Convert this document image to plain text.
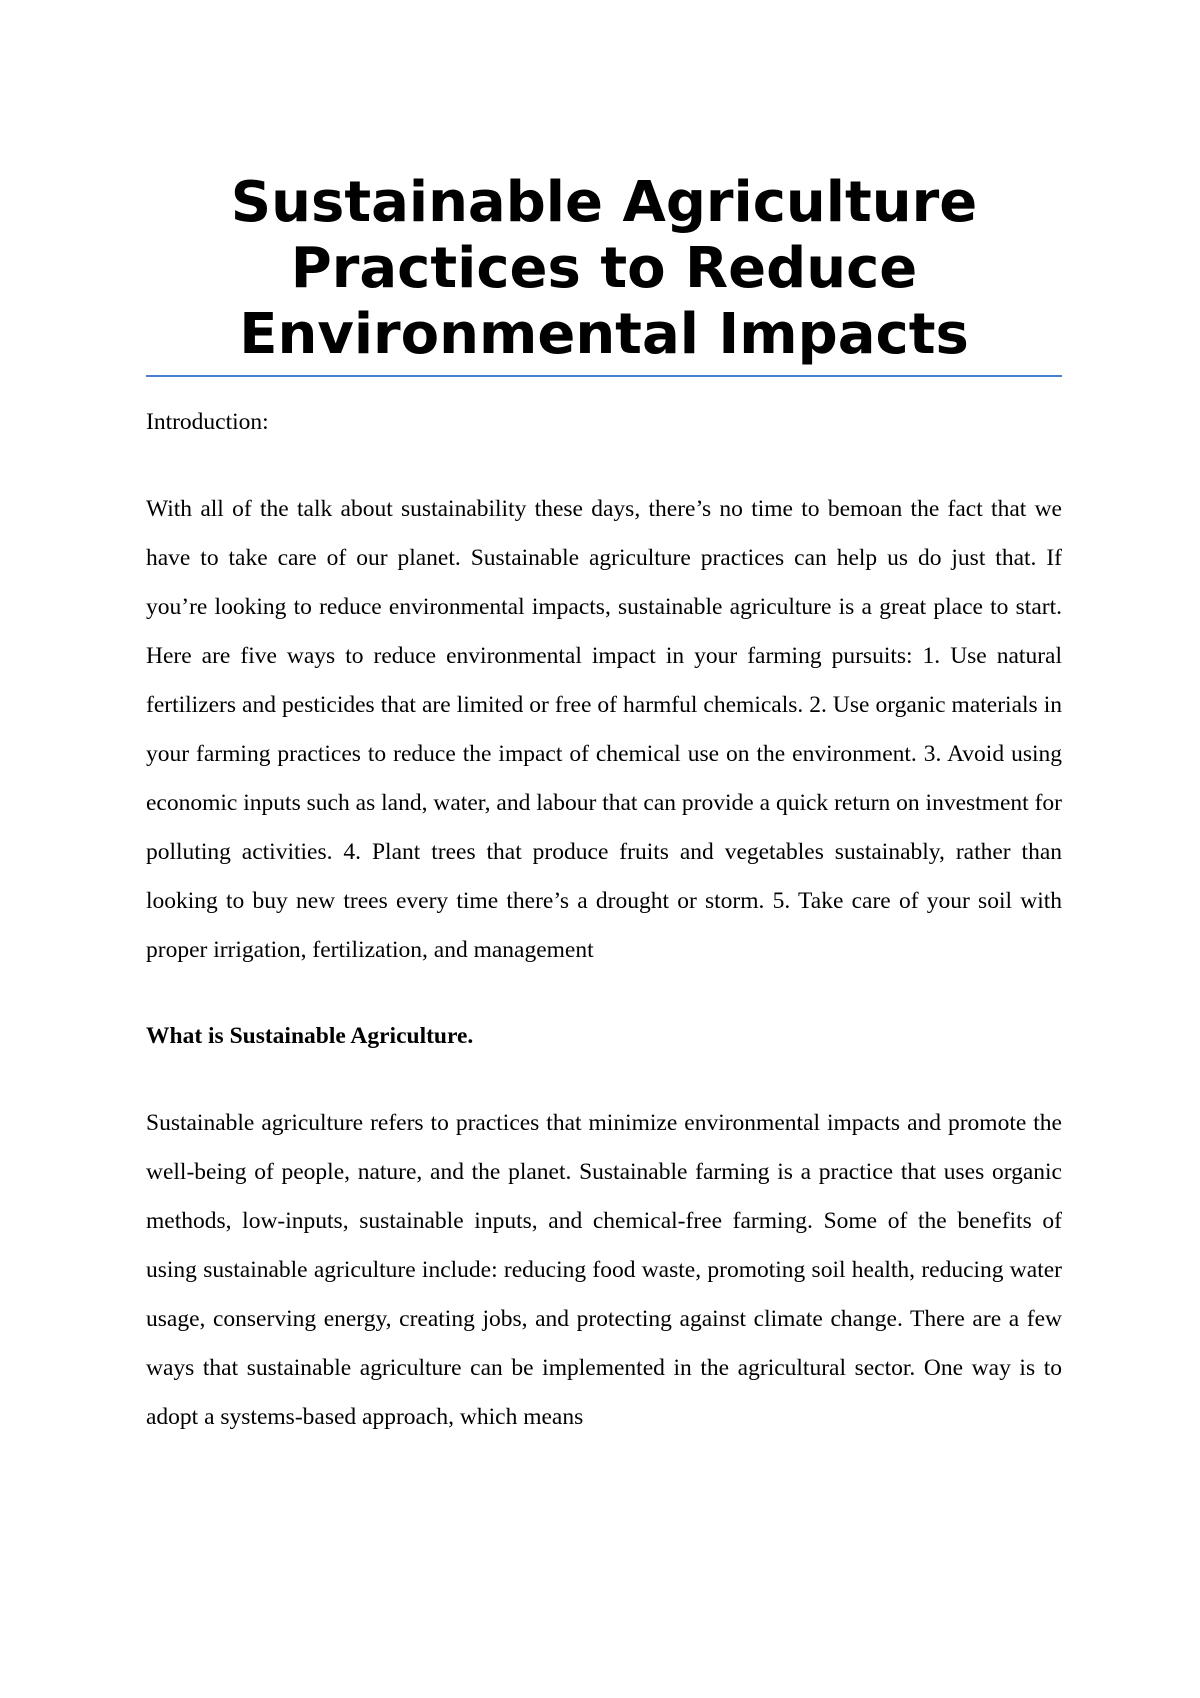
Sustainable Agriculture Practices to Reduce Environmental Impacts

Introduction:

With all of the talk about sustainability these days, there’s no time to bemoan the fact that we have to take care of our planet. Sustainable agriculture practices can help us do just that. If you’re looking to reduce environmental impacts, sustainable agriculture is a great place to start. Here are five ways to reduce environmental impact in your farming pursuits: 1. Use natural fertilizers and pesticides that are limited or free of harmful chemicals. 2. Use organic materials in your farming practices to reduce the impact of chemical use on the environment. 3. Avoid using economic inputs such as land, water, and labour that can provide a quick return on investment for polluting activities. 4. Plant trees that produce fruits and vegetables sustainably, rather than looking to buy new trees every time there’s a drought or storm. 5. Take care of your soil with proper irrigation, fertilization, and management

What is Sustainable Agriculture.

Sustainable agriculture refers to practices that minimize environmental impacts and promote the well-being of people, nature, and the planet. Sustainable farming is a practice that uses organic methods, low-inputs, sustainable inputs, and chemical-free farming. Some of the benefits of using sustainable agriculture include: reducing food waste, promoting soil health, reducing water usage, conserving energy, creating jobs, and protecting against climate change. There are a few ways that sustainable agriculture can be implemented in the agricultural sector. One way is to adopt a systems-based approach, which means
